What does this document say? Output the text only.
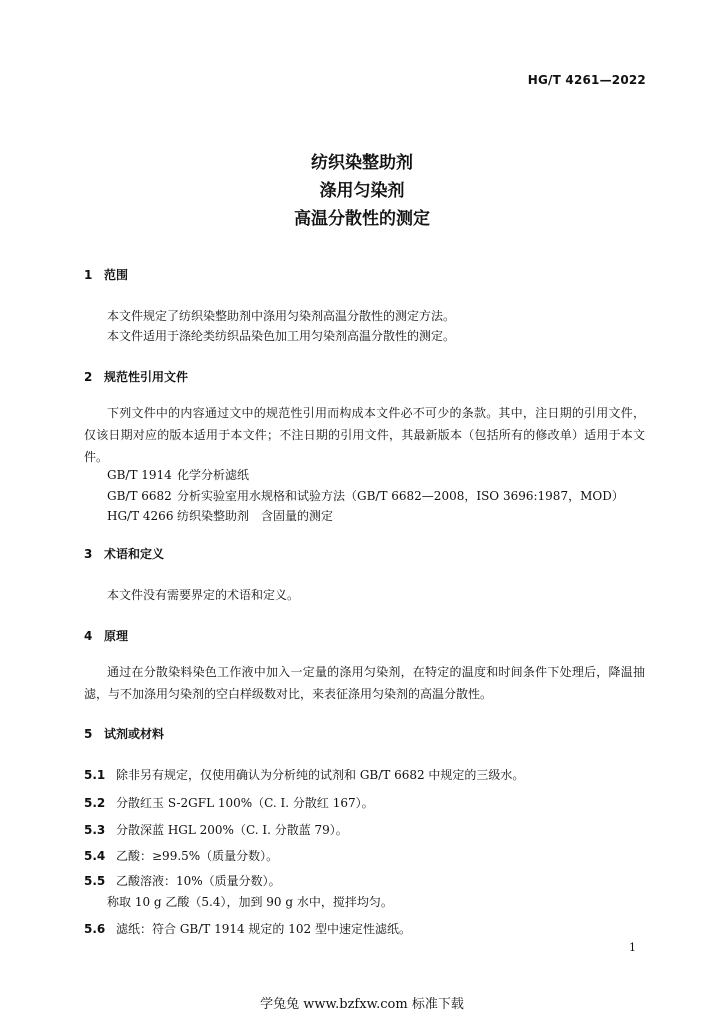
HG/T 4261—2022
纺织染整助剂
涤用匀染剂
高温分散性的测定
1 范围
本文件规定了纺织染整助剂中涤用匀染剂高温分散性的测定方法。
本文件适用于涤纶类纺织品染色加工用匀染剂高温分散性的测定。
2 规范性引用文件
下列文件中的内容通过文中的规范性引用而构成本文件必不可少的条款。其中，注日期的引用文件，仅该日期对应的版本适用于本文件；不注日期的引用文件，其最新版本（包括所有的修改单）适用于本文件。
GB/T 1914 化学分析滤纸
GB/T 6682 分析实验室用水规格和试验方法（GB/T 6682—2008，ISO 3696:1987，MOD）
HG/T 4266 纺织染整助剂　含固量的测定
3 术语和定义
本文件没有需要界定的术语和定义。
4 原理
通过在分散染料染色工作液中加入一定量的涤用匀染剂，在特定的温度和时间条件下处理后，降温抽滤，与不加涤用匀染剂的空白样级数对比，来表征涤用匀染剂的高温分散性。
5 试剂或材料
5.1 除非另有规定，仅使用确认为分析纯的试剂和 GB/T 6682 中规定的三级水。
5.2 分散红玉 S-2GFL 100%（C. I. 分散红 167）。
5.3 分散深蓝 HGL 200%（C. I. 分散蓝 79）。
5.4 乙酸：≥99.5%（质量分数）。
5.5 乙酸溶液：10%（质量分数）。
称取 10 g 乙酸（5.4），加到 90 g 水中，搅拌均匀。
5.6 滤纸：符合 GB/T 1914 规定的 102 型中速定性滤纸。
1
学兔兔 www.bzfxw.com 标准下载
